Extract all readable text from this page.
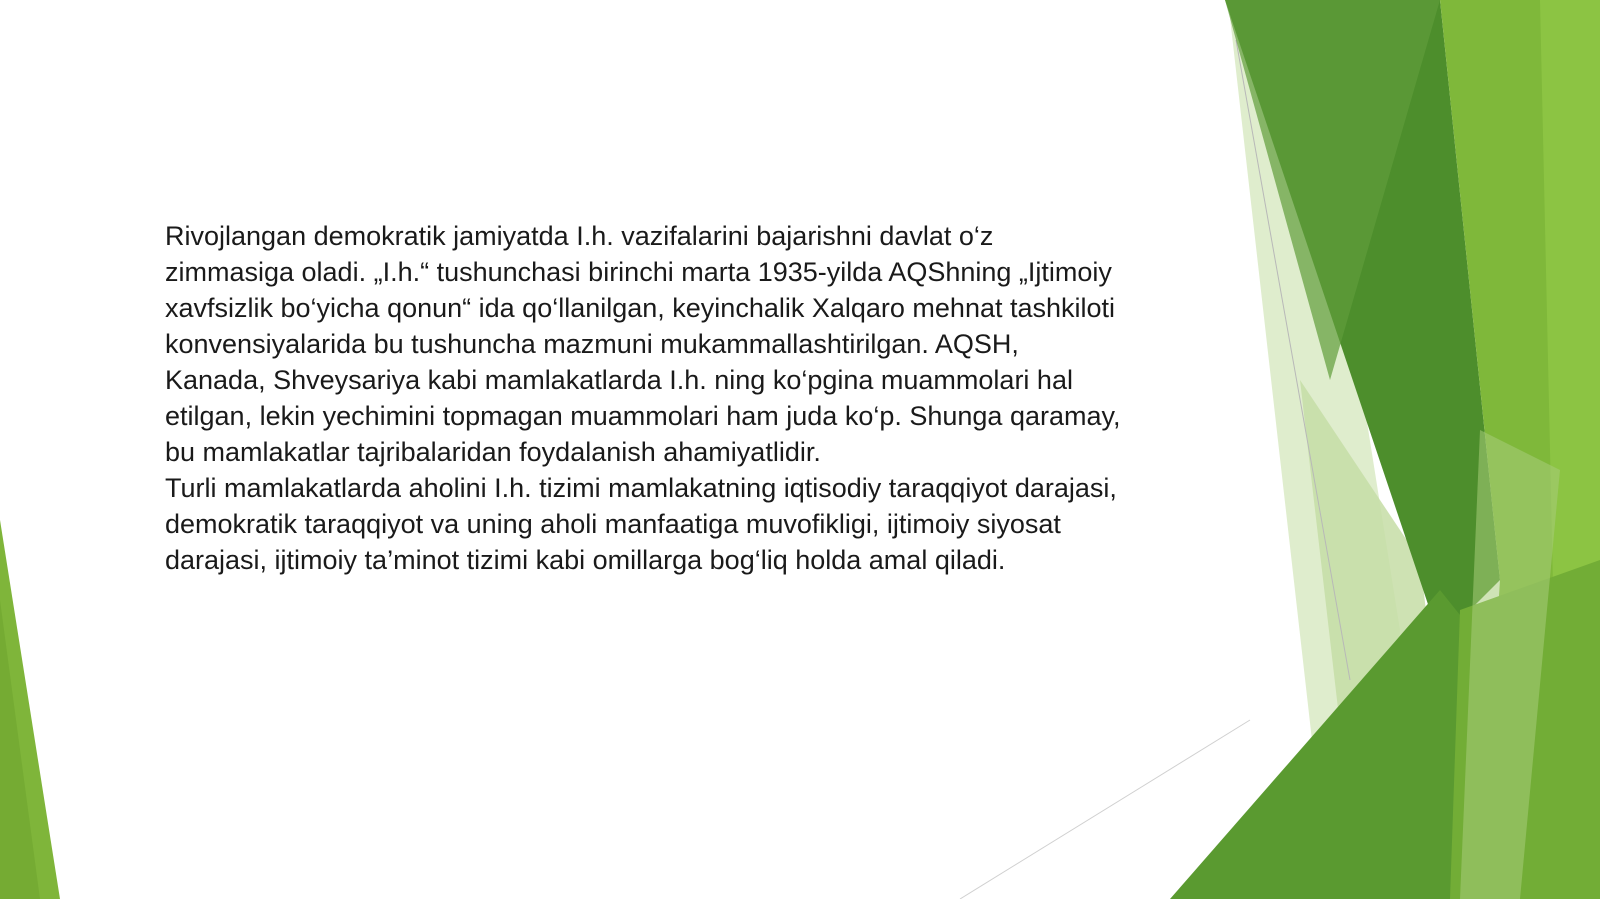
Rivojlangan demokratik jamiyatda I.h. vazifalarini bajarishni davlat o‘z zimmasiga oladi. „I.h.“ tushunchasi birinchi marta 1935-yilda AQShning „Ijtimoiy xavfsizlik bo‘yicha qonun“ ida qo‘llanilgan, keyinchalik Xalqaro mehnat tashkiloti konvensiyalarida bu tushuncha mazmuni mukammallashtirilgan. AQSH, Kanada, Shveysariya kabi mamlakatlarda I.h. ning ko‘pgina muammolari hal etilgan, lekin yechimini topmagan muammolari ham juda ko‘p. Shunga qaramay, bu mamlakatlar tajribalaridan foydalanish ahamiyatlidir.

Turli mamlakatlarda aholini I.h. tizimi mamlakatning iqtisodiy taraqqiyot darajasi, demokratik taraqqiyot va uning aholi manfaatiga muvofikligi, ijtimoiy siyosat darajasi, ijtimoiy ta’minot tizimi kabi omillarga bog‘liq holda amal qiladi.
